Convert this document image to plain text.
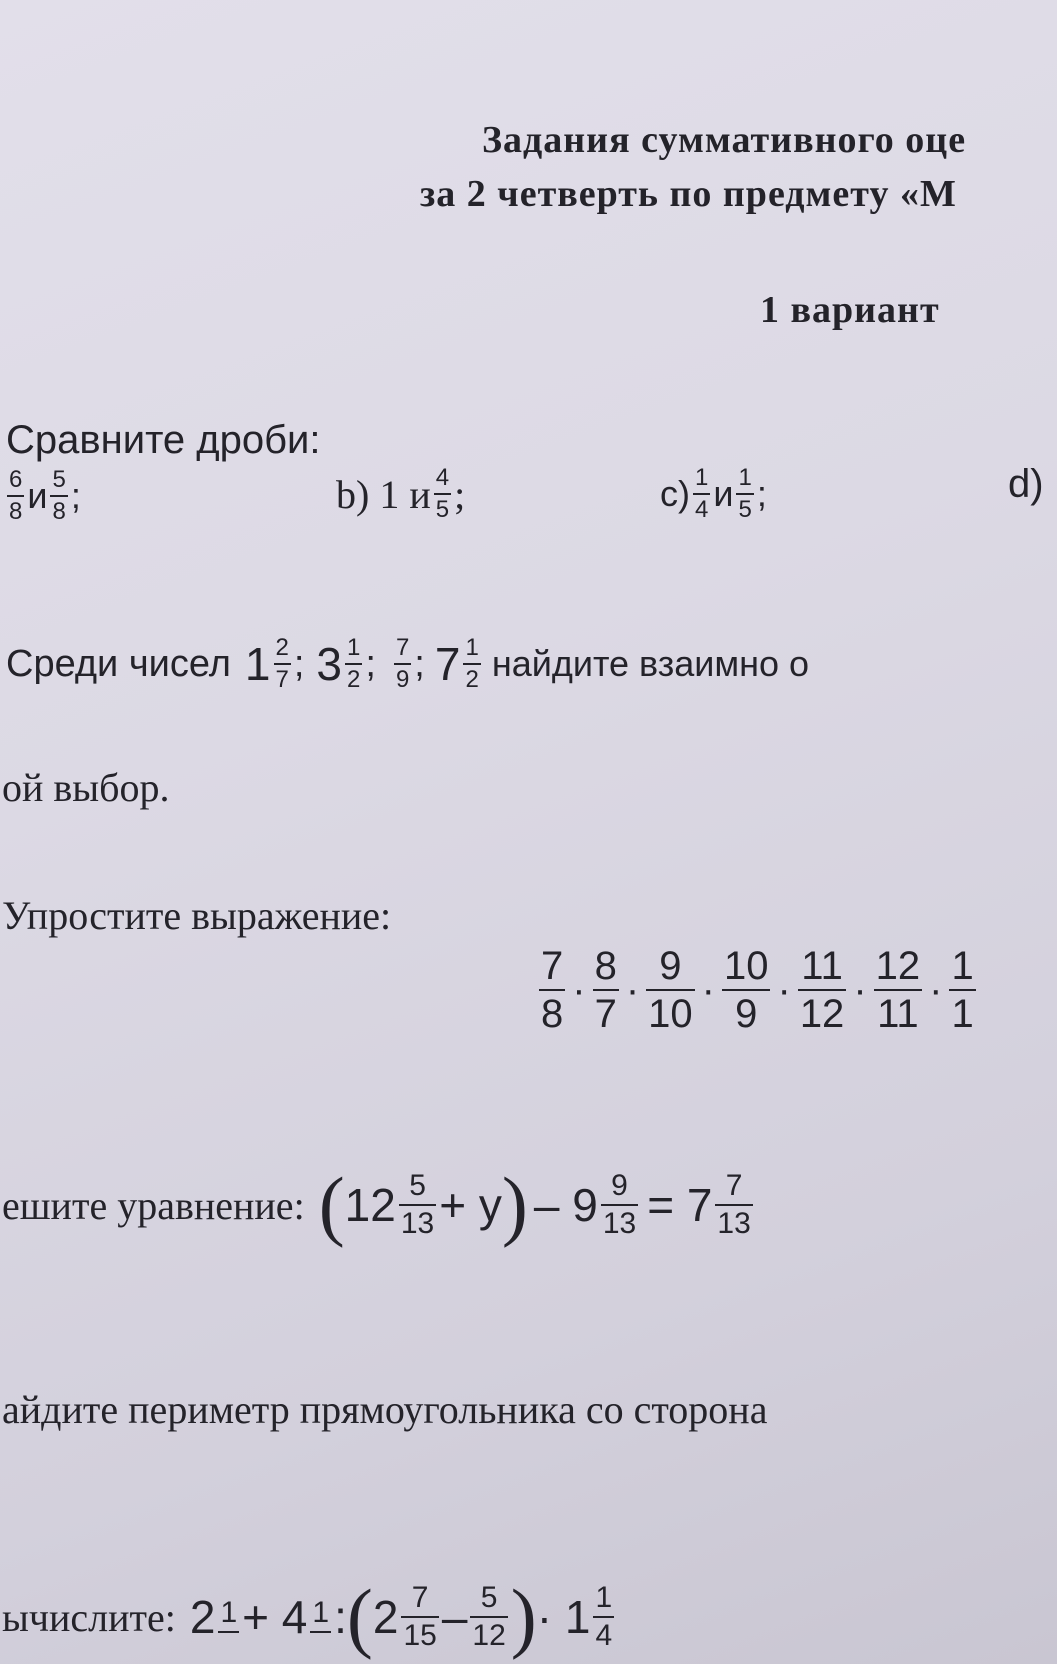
Задания суммативного оце
за 2 четверть по предмету «М
1 вариант
Сравните дроби:
$\frac{6}{8}$ и $\frac{5}{8}$ ;	b) 1 и $\frac{4}{5}$ ;	$c) \frac{1}{4}$ и $\frac{1}{5}$ ;	d)
Среди чисел $1 \frac{2}{7}$ ; $3 \frac{1}{2}$ ; $\frac{7}{9}$ ; $7 \frac{1}{2}$ найдите взаимно о
ой выбор.
Упростите выражение:
$\frac{7}{8} \cdot \frac{8}{7} \cdot \frac{9}{10} \cdot \frac{10}{9} \cdot \frac{11}{12} \cdot \frac{12}{11} \cdot \frac{1}{1}$
ешите уравнение: ( $12 \frac{5}{13} + y$ ) – $9 \frac{9}{13} = 7 \frac{7}{13}$
айдите периметр прямоугольника со сторона
ычислите: 2 1 + 4 1 : ( $2 \frac{7}{15} - \frac{5}{12}$ ) · $1 \frac{1}{4}$
